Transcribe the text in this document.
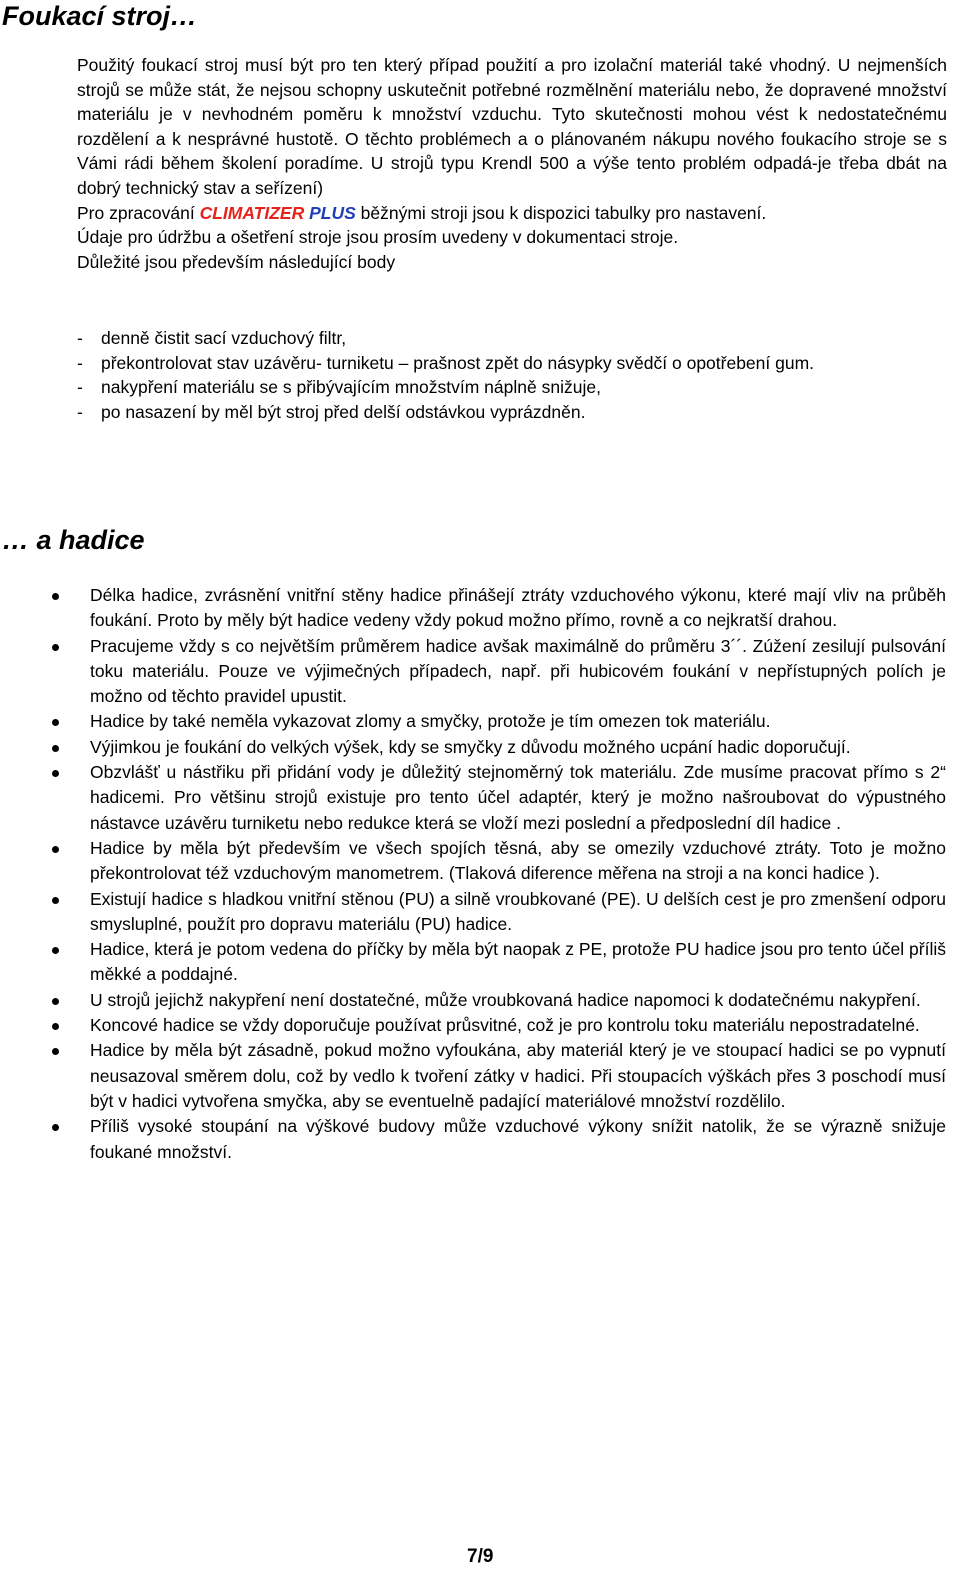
Foukací stroj…

Použitý foukací stroj musí být pro ten který případ použití a pro izolační materiál také vhodný. U nejmenších strojů se může stát, že nejsou schopny uskutečnit potřebné rozmělnění materiálu nebo, že dopravené množství materiálu je v nevhodném poměru k množství vzduchu. Tyto skutečnosti mohou vést k nedostatečnému rozdělení a k nesprávné hustotě. O těchto problémech a o plánovaném nákupu nového foukacího stroje se s Vámi rádi během školení poradíme. U strojů typu Krendl 500 a výše tento problém odpadá-je třeba dbát na dobrý technický stav a seřízení)

Pro zpracování CLIMATIZER PLUS běžnými stroji jsou k dispozici tabulky pro nastavení.

Údaje pro údržbu a ošetření stroje jsou prosím uvedeny v dokumentaci stroje.

Důležité jsou především následující body

- denně čistit sací vzduchový filtr,
- překontrolovat stav uzávěru- turniketu – prašnost zpět do násypky svědčí o opotřebení gum.
- nakypření materiálu se s přibývajícím množstvím náplně snižuje,
- po nasazení by měl být stroj před delší odstávkou vyprázdněn.
… a hadice
Délka hadice, zvrásnění vnitřní stěny hadice přinášejí ztráty vzduchového výkonu, které mají vliv na průběh foukání. Proto by měly být hadice vedeny vždy pokud možno přímo, rovně a co nejkratší drahou.
Pracujeme vždy s co největším průměrem hadice avšak maximálně do průměru 3´´. Zúžení zesilují pulsování toku materiálu. Pouze ve výjimečných případech, např. při hubicovém foukání v nepřístupných polích je možno od těchto pravidel upustit.
Hadice by také neměla vykazovat zlomy a smyčky, protože je tím omezen tok materiálu.
Výjimkou je foukání do velkých výšek, kdy se smyčky z důvodu možného ucpání hadic doporučují.
Obzvlášť u nástřiku při přidání vody je důležitý stejnoměrný tok materiálu. Zde musíme pracovat přímo s 2“ hadicemi. Pro většinu strojů existuje pro tento účel adaptér, který je možno našroubovat do výpustného nástavce uzávěru turniketu nebo redukce která se vloží mezi poslední a předposlední díl hadice .
Hadice by měla být především ve všech spojích těsná, aby se omezily vzduchové ztráty. Toto je možno překontrolovat též vzduchovým manometrem. (Tlaková diference měřena na stroji a na konci hadice ).
Existují hadice s hladkou vnitřní stěnou (PU) a silně vroubkované (PE). U delších cest je pro zmenšení odporu smysluplné, použít pro dopravu materiálu (PU) hadice.
Hadice, která je potom vedena do příčky by měla být naopak z PE, protože PU hadice jsou pro tento účel příliš měkké a poddajné.
U strojů jejichž nakypření není dostatečné, může vroubkovaná hadice napomoci k dodatečnému nakypření.
Koncové hadice se vždy doporučuje používat průsvitné, což je pro kontrolu toku materiálu nepostradatelné.
Hadice by měla být zásadně, pokud možno vyfoukána, aby materiál který je ve stoupací hadici se po vypnutí neusazoval směrem dolu, což by vedlo k tvoření zátky v hadici. Při stoupacích výškách přes 3 poschodí musí být v hadici vytvořena smyčka, aby se eventuelně padající materiálové množství rozdělilo.
Příliš vysoké stoupání na výškové budovy může vzduchové výkony snížit natolik, že se výrazně snižuje foukané množství.
7/9
